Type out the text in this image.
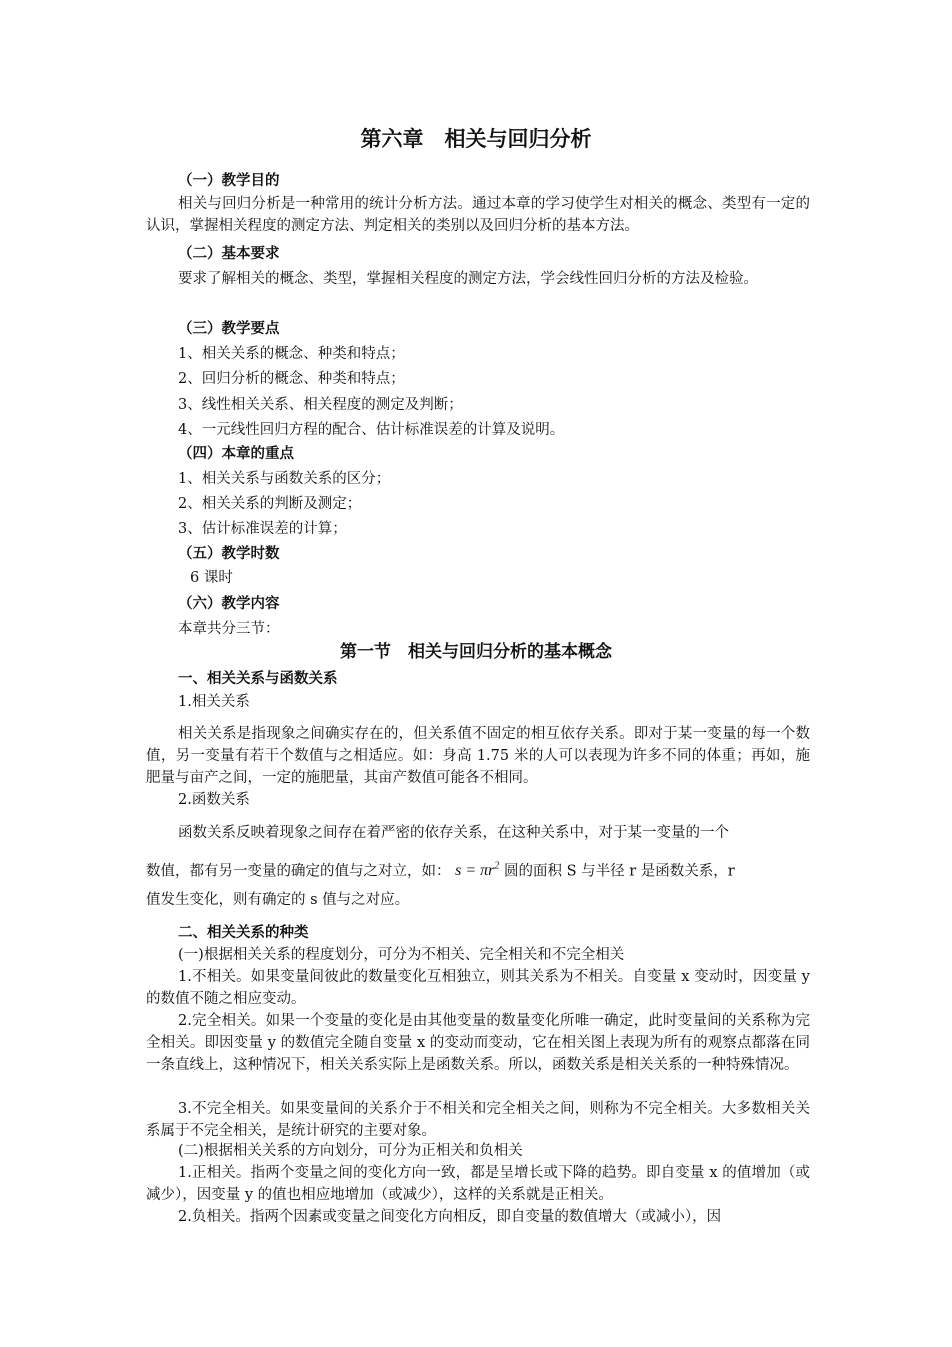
第六章　相关与回归分析
（一）教学目的
相关与回归分析是一种常用的统计分析方法。通过本章的学习使学生对相关的概念、类型有一定的认识，掌握相关程度的测定方法、判定相关的类别以及回归分析的基本方法。
（二）基本要求
要求了解相关的概念、类型，掌握相关程度的测定方法，学会线性回归分析的方法及检验。
（三）教学要点
1、相关关系的概念、种类和特点；
2、回归分析的概念、种类和特点；
3、线性相关关系、相关程度的测定及判断；
4、一元线性回归方程的配合、估计标准误差的计算及说明。
（四）本章的重点
1、相关关系与函数关系的区分；
2、相关关系的判断及测定；
3、估计标准误差的计算；
（五）教学时数
6 课时
（六）教学内容
本章共分三节：
第一节　相关与回归分析的基本概念
一、相关关系与函数关系
1.相关关系
相关关系是指现象之间确实存在的，但关系值不固定的相互依存关系。即对于某一变量的每一个数值，另一变量有若干个数值与之相适应。如：身高 1.75 米的人可以表现为许多不同的体重；再如，施肥量与亩产之间，一定的施肥量，其亩产数值可能各不相同。
2.函数关系
函数关系反映着现象之间存在着严密的依存关系，在这种关系中，对于某一变量的一个
数值，都有另一变量的确定的值与之对立，如： $s = \pi r^2$ 圆的面积 S 与半径 r 是函数关系，r
值发生变化，则有确定的 s 值与之对应。
二、相关关系的种类
(一)根据相关关系的程度划分，可分为不相关、完全相关和不完全相关
1.不相关。如果变量间彼此的数量变化互相独立，则其关系为不相关。自变量 x 变动时，因变量 y 的数值不随之相应变动。
2.完全相关。如果一个变量的变化是由其他变量的数量变化所唯一确定，此时变量间的关系称为完全相关。即因变量 y 的数值完全随自变量 x 的变动而变动，它在相关图上表现为所有的观察点都落在同一条直线上，这种情况下，相关关系实际上是函数关系。所以，函数关系是相关关系的一种特殊情况。
3.不完全相关。如果变量间的关系介于不相关和完全相关之间，则称为不完全相关。大多数相关关系属于不完全相关，是统计研究的主要对象。
(二)根据相关关系的方向划分，可分为正相关和负相关
1.正相关。指两个变量之间的变化方向一致，都是呈增长或下降的趋势。即自变量 x 的值增加（或减少），因变量 y 的值也相应地增加（或减少），这样的关系就是正相关。
2.负相关。指两个因素或变量之间变化方向相反，即自变量的数值增大（或减小），因
